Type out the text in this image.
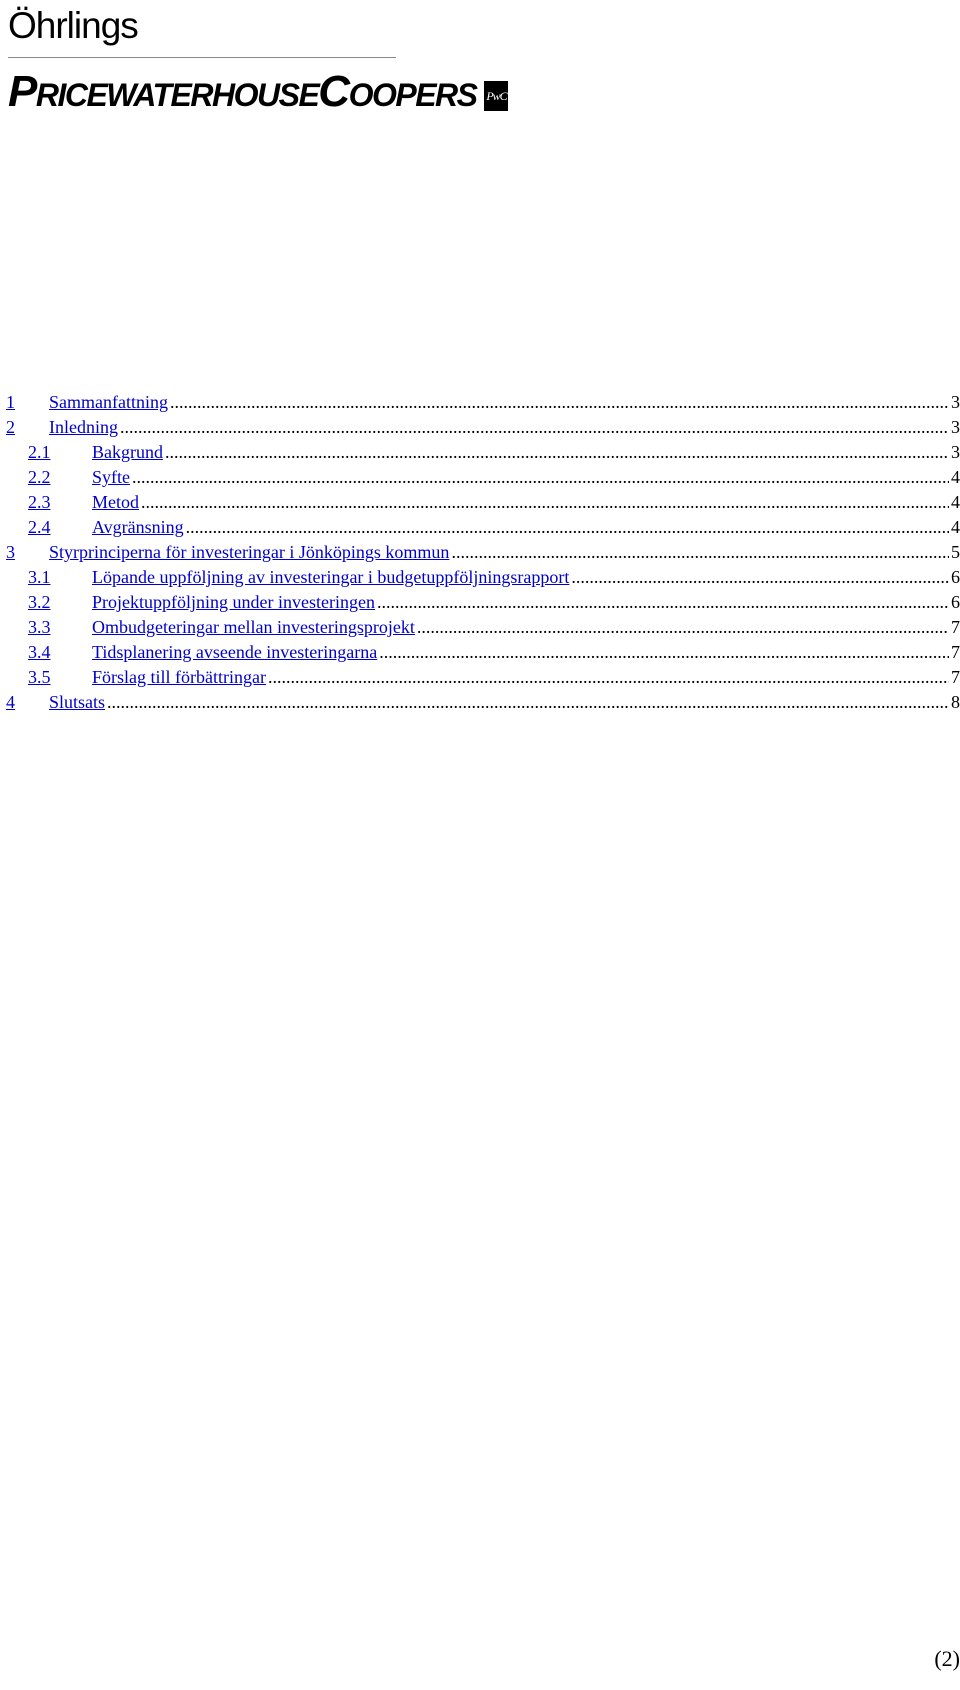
Öhrlings
PRICEWATERHOUSECOOPERS PwC
1 Sammanfattning .....	3
2 Inledning .....	3
2.1 Bakgrund .....	3
2.2 Syfte .....	4
2.3 Metod .....	4
2.4 Avgränsning .....	4
3 Styrprinciperna för investeringar i Jönköpings kommun .....	5
3.1 Löpande uppföljning av investeringar i budgetuppföljningsrapport .....	6
3.2 Projektuppföljning under investeringen .....	6
3.3 Ombudgeteringar mellan investeringsprojekt .....	7
3.4 Tidsplanering avseende investeringarna .....	7
3.5 Förslag till förbättringar .....	7
4 Slutsats .....	8
(2)
